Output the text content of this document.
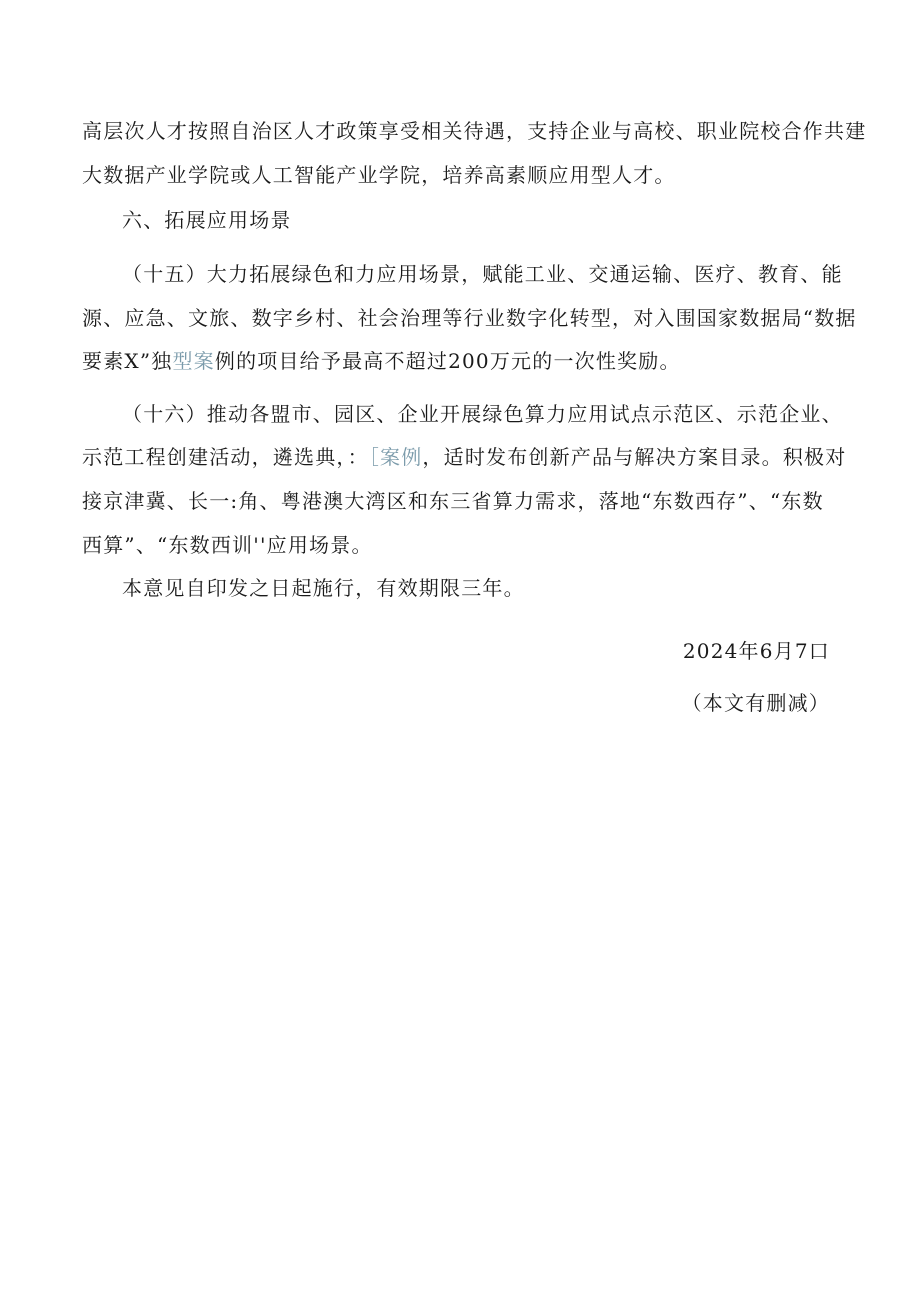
高层次人才按照自治区人才政策享受相关待遇，支持企业与高校、职业院校合作共建
大数据产业学院或人工智能产业学院，培养高素顺应用型人才。
六、拓展应用场景
（十五）大力拓展绿色和力应用场景，赋能工业、交通运输、医疗、教育、能
源、应急、文旅、数字乡村、社会治理等行业数字化转型，对入围国家数据局“数据
要素X”独型案例的项目给予最高不超过200万元的一次性奖励。
（十六）推动各盟市、园区、企业开展绿色算力应用试点示范区、示范企业、
示范工程创建活动，遴选典，：［案例，适时发布创新产品与解决方案目录。积极对
接京津冀、长一:角、粤港澳大湾区和东三省算力需求，落地“东数西存”、“东数
西算”、“东数西训''应用场景。
本意见自印发之日起施行，有效期限三年。
2024年6月7口
（本文有删减）
